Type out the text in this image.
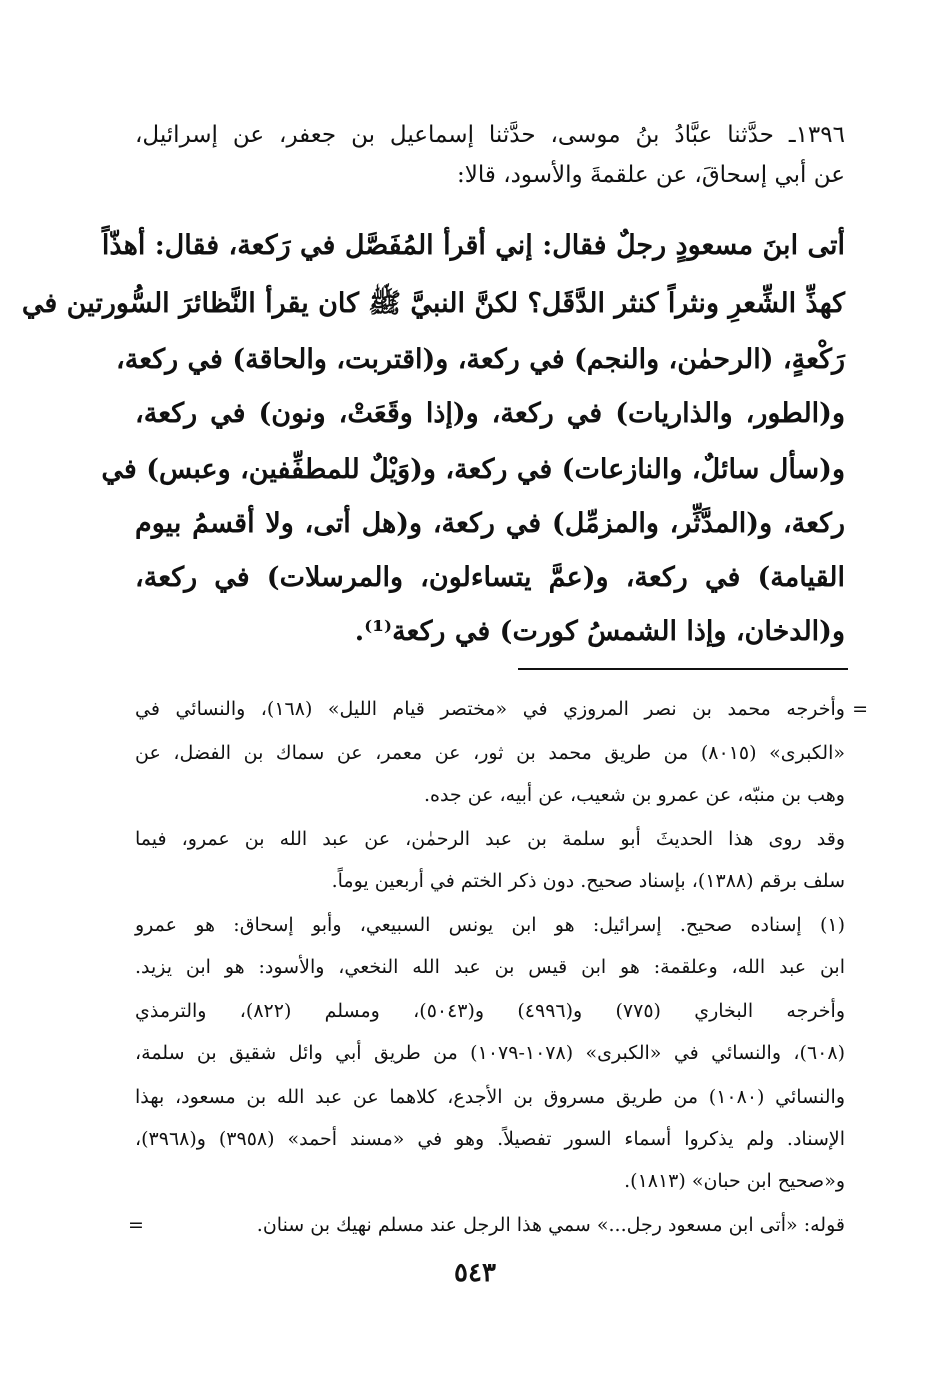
١٣٩٦ـ حدَّثنا عبَّادُ بنُ موسى، حدَّثنا إسماعيل بن جعفر، عن إسرائيل،
عن أبي إسحاقَ، عن علقمةَ والأسود، قالا:
أتى ابنَ مسعودٍ رجلٌ فقال: إني أقرأ المُفَصَّل في رَكعة، فقال: أهذّاً
كهذِّ الشِّعرِ ونثراً كنثر الدَّقَل؟ لكنَّ النبيَّ ﷺ كان يقرأ النَّظائرَ السُّورتين في
رَكْعةٍ، (الرحمٰن، والنجم) في ركعة، و(اقتربت، والحاقة) في ركعة،
و(الطور، والذاريات) في ركعة، و(إذا وقَعَتْ، ونون) في ركعة،
و(سأل سائلٌ، والنازعات) في ركعة، و(وَيْلٌ للمطفِّفين، وعبس) في
ركعة، و(المدَّثِّر، والمزمِّل) في ركعة، و(هل أتى، ولا أقسمُ بيوم
القيامة) في ركعة، و(عمَّ يتساءلون، والمرسلات) في ركعة،
و(الدخان، وإذا الشمسُ كورت) في ركعة⁽¹⁾.
=
وأخرجه محمد بن نصر المروزي في «مختصر قيام الليل» (١٦٨)، والنسائي في
«الكبرى» (٨٠١٥) من طريق محمد بن ثور، عن معمر، عن سماك بن الفضل، عن
وهب بن منبّه، عن عمرو بن شعيب، عن أبيه، عن جده.
وقد روى هذا الحديثَ أبو سلمة بن عبد الرحمٰن، عن عبد الله بن عمرو، فيما
سلف برقم (١٣٨٨)، بإسناد صحيح. دون ذكر الختم في أربعين يوماً.
(١) إسناده صحيح. إسرائيل: هو ابن يونس السبيعي، وأبو إسحاق: هو عمرو
ابن عبد الله، وعلقمة: هو ابن قيس بن عبد الله النخعي، والأسود: هو ابن يزيد.
وأخرجه البخاري (٧٧٥) و(٤٩٩٦) و(٥٠٤٣)، ومسلم (٨٢٢)، والترمذي
(٦٠٨)، والنسائي في «الكبرى» (١٠٧٨-١٠٧٩) من طريق أبي وائل شقيق بن سلمة،
والنسائي (١٠٨٠) من طريق مسروق بن الأجدع، كلاهما عن عبد الله بن مسعود، بهذا
الإسناد. ولم يذكروا أسماء السور تفصيلاً. وهو في «مسند أحمد» (٣٩٥٨) و(٣٩٦٨)،
و«صحيح ابن حبان» (١٨١٣).
قوله: «أتى ابن مسعود رجل...» سمي هذا الرجل عند مسلم نهيك بن سنان.
=
٥٤٣
